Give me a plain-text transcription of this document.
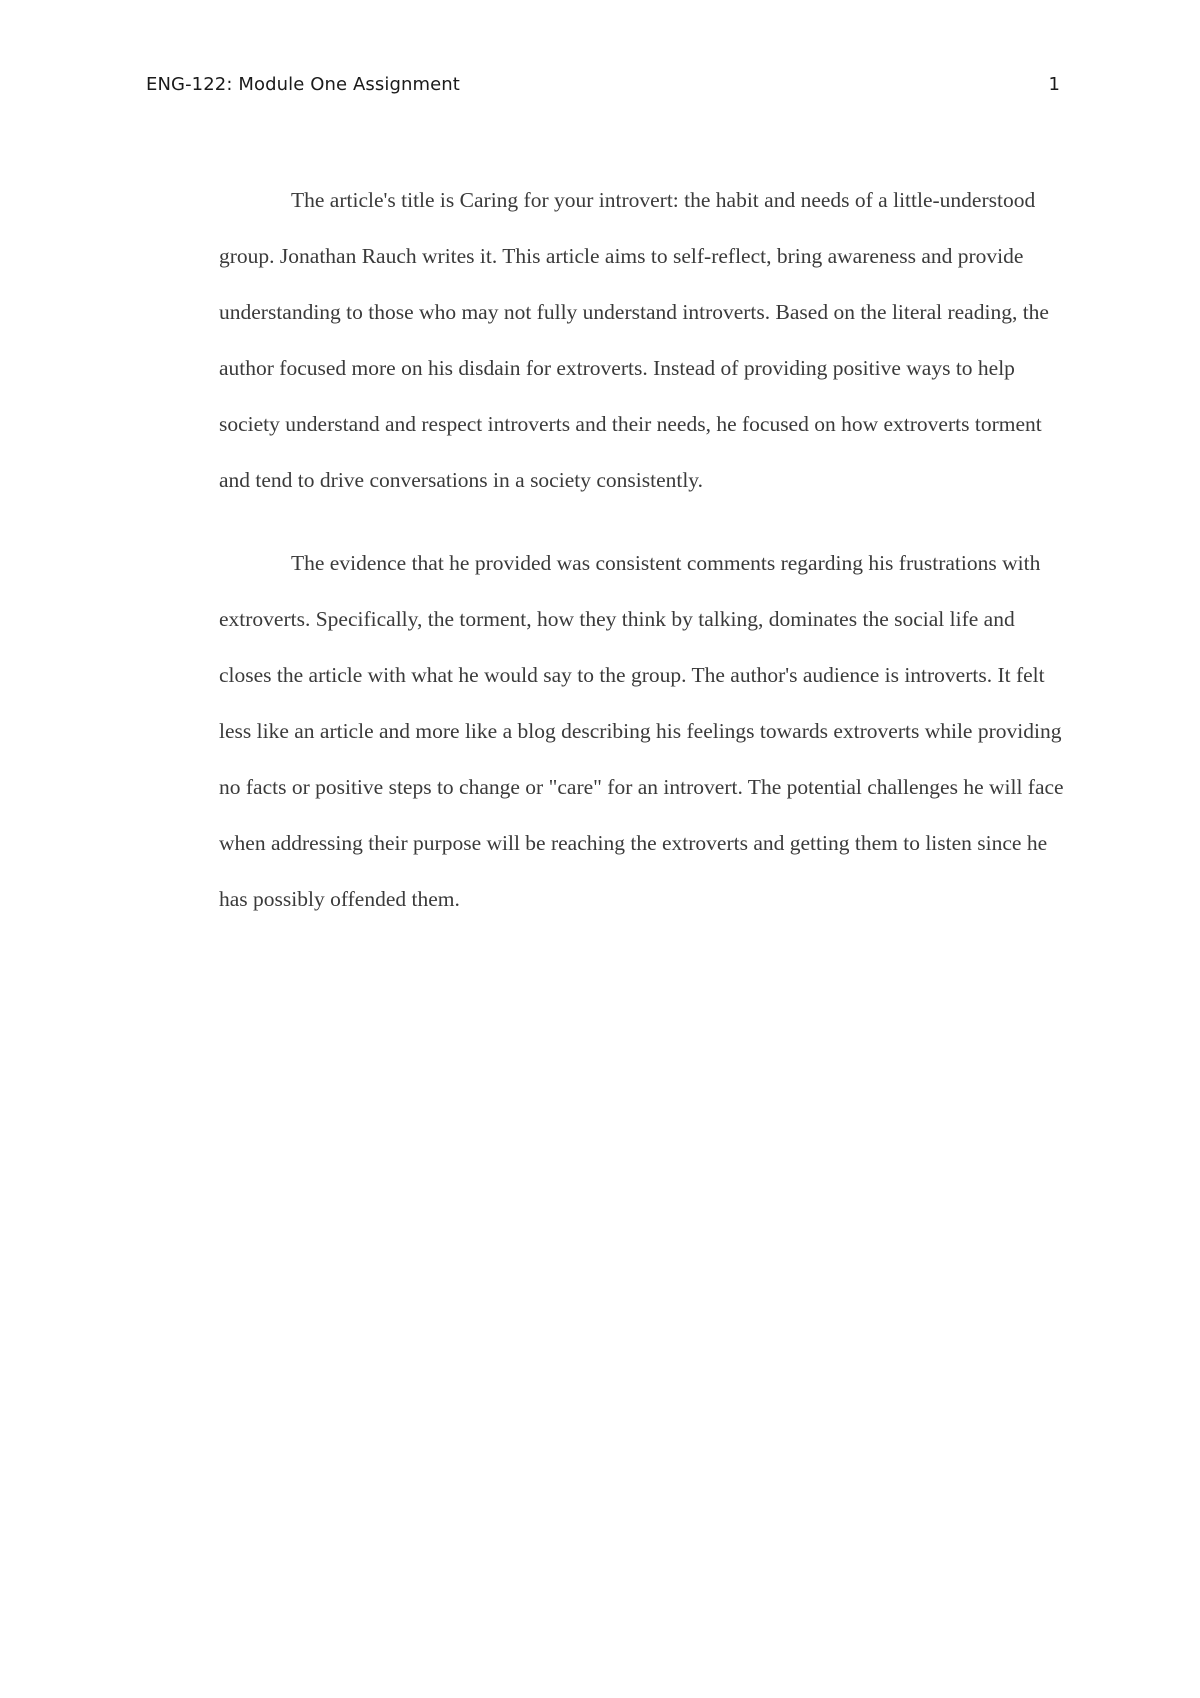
ENG-122: Module One Assignment	1

The article's title is Caring for your introvert: the habit and needs of a little-understood group. Jonathan Rauch writes it. This article aims to self-reflect, bring awareness and provide understanding to those who may not fully understand introverts. Based on the literal reading, the author focused more on his disdain for extroverts. Instead of providing positive ways to help society understand and respect introverts and their needs, he focused on how extroverts torment and tend to drive conversations in a society consistently.

The evidence that he provided was consistent comments regarding his frustrations with extroverts. Specifically, the torment, how they think by talking, dominates the social life and closes the article with what he would say to the group. The author's audience is introverts. It felt less like an article and more like a blog describing his feelings towards extroverts while providing no facts or positive steps to change or "care" for an introvert. The potential challenges he will face when addressing their purpose will be reaching the extroverts and getting them to listen since he has possibly offended them.
